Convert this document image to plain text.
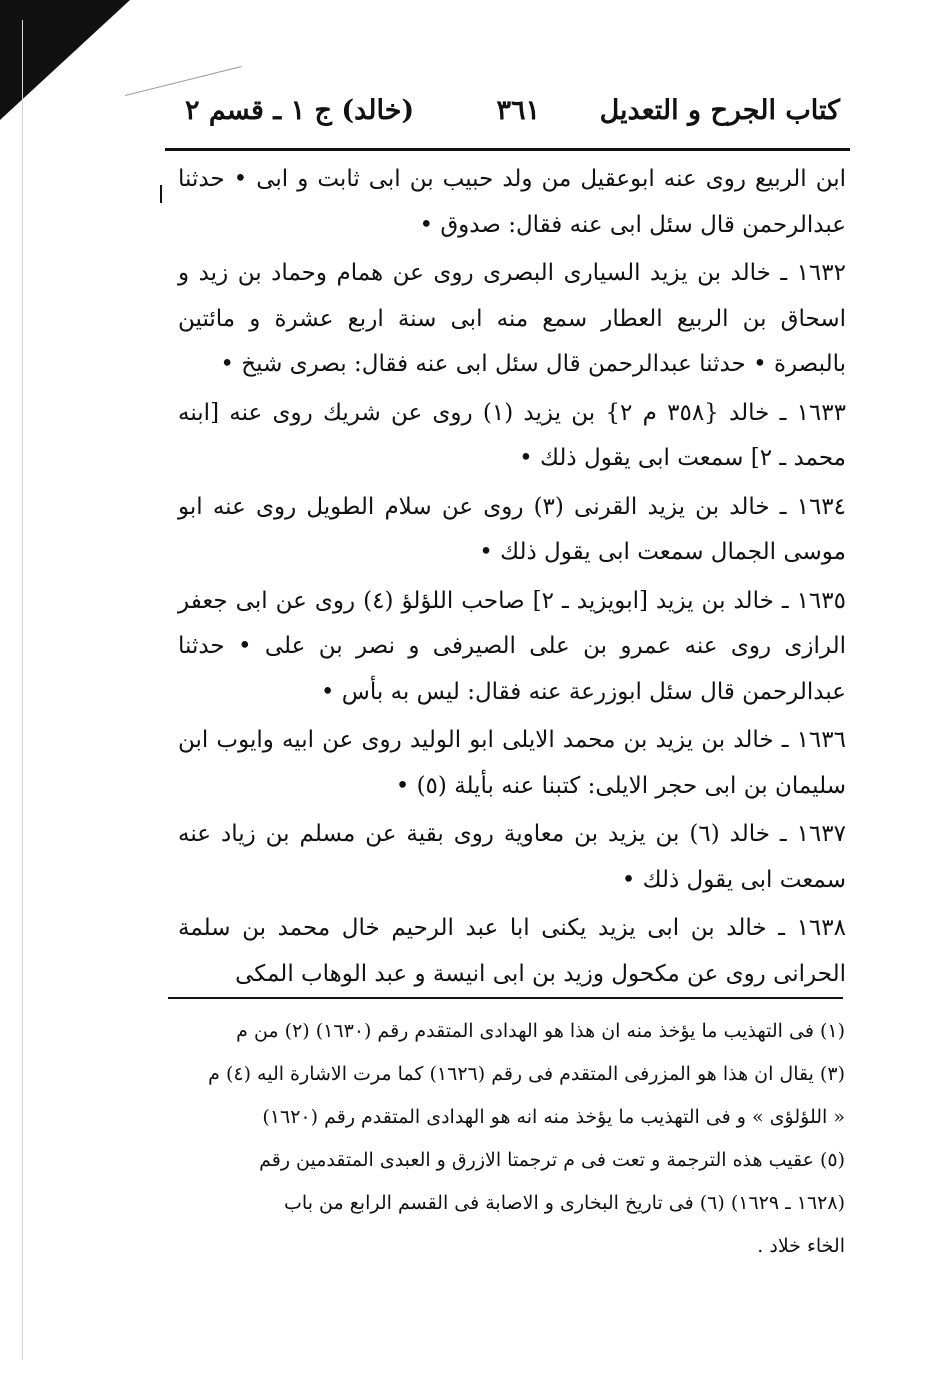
كتاب الجرح و التعديل
٣٦١
(خالد) ج ١ ـ قسم ٢

ابن الربيع روى عنه ابوعقيل من ولد حبيب بن ابى ثابت و ابى • حدثنا عبدالرحمن قال سئل ابى عنه فقال: صدوق •

١٦٣٢ ـ خالد بن يزيد السيارى البصرى روى عن همام وحماد بن زيد و اسحاق بن الربيع العطار سمع منه ابى سنة اربع عشرة و مائتين بالبصرة • حدثنا عبدالرحمن قال سئل ابى عنه فقال: بصرى شيخ •

١٦٣٣ ـ خالد {٣٥٨ م ٢} بن يزيد (١) روى عن شريك روى عنه [ابنه محمد ـ ٢] سمعت ابى يقول ذلك •

١٦٣٤ ـ خالد بن يزيد القرنى (٣) روى عن سلام الطويل روى عنه ابو موسى الجمال سمعت ابى يقول ذلك •

١٦٣٥ ـ خالد بن يزيد [ابويزيد ـ ٢] صاحب اللؤلؤ (٤) روى عن ابى جعفر الرازى روى عنه عمرو بن على الصيرفى و نصر بن على • حدثنا عبدالرحمن قال سئل ابوزرعة عنه فقال: ليس به بأس •

١٦٣٦ ـ خالد بن يزيد بن محمد الايلى ابو الوليد روى عن ابيه وايوب ابن سليمان بن ابى حجر الايلى: كتبنا عنه بأيلة (٥) •

١٦٣٧ ـ خالد (٦) بن يزيد بن معاوية روى بقية عن مسلم بن زياد عنه سمعت ابى يقول ذلك •

١٦٣٨ ـ خالد بن ابى يزيد يكنى ابا عبد الرحيم خال محمد بن سلمة الحرانى روى عن مكحول وزيد بن ابى انيسة و عبد الوهاب المكى

(١) فى التهذيب ما يؤخذ منه ان هذا هو الهدادى المتقدم رقم (١٦٣٠) (٢) من م

(٣) يقال ان هذا هو المزرفى المتقدم فى رقم (١٦٢٦) كما مرت الاشارة اليه (٤) م

« اللؤلؤى » و فى التهذيب ما يؤخذ منه انه هو الهدادى المتقدم رقم (١٦٢٠)

(٥) عقيب هذه الترجمة و تعت فى م ترجمتا الازرق و العبدى المتقدمين رقم

(١٦٢٨ ـ ١٦٢٩) (٦) فى تاريخ البخارى و الاصابة فى القسم الرابع من باب

الخاء خلاد .
